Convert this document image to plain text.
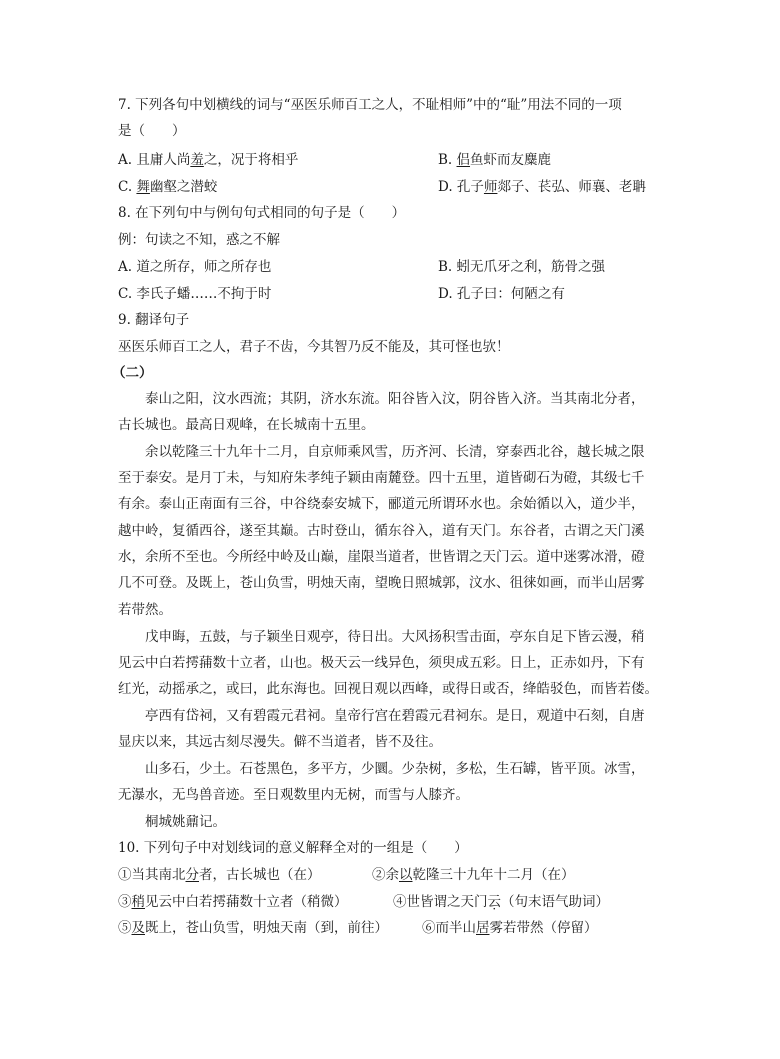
7. 下列各句中划横线的词与“巫医乐师百工之人，不耻相师”中的“耻”用法不同的一项
是（　　）
A. 且庸人尚羞之，况于将相乎	B. 侣鱼虾而友麋鹿
C. 舞幽壑之潜蛟	D. 孔子师郯子、苌弘、师襄、老聃
8. 在下列句中与例句句式相同的句子是（　　）
例：句读之不知，惑之不解
A. 道之所存，师之所存也	B. 蚓无爪牙之利，筋骨之强
C. 李氏子蟠……不拘于时	D. 孔子曰：何陋之有
9. 翻译句子
巫医乐师百工之人，君子不齿，今其智乃反不能及，其可怪也欤！
（二）
泰山之阳，汶水西流；其阴，济水东流。阳谷皆入汶，阴谷皆入济。当其南北分者，
古长城也。最高日观峰，在长城南十五里。
余以乾隆三十九年十二月，自京师乘风雪，历齐河、长清，穿泰西北谷，越长城之限
至于泰安。是月丁未，与知府朱孝纯子颖由南麓登。四十五里，道皆砌石为磴，其级七千
有余。泰山正南面有三谷，中谷绕泰安城下，郦道元所谓环水也。余始循以入，道少半，
越中岭，复循西谷，遂至其巅。古时登山，循东谷入，道有天门。东谷者，古谓之天门溪
水，余所不至也。今所经中岭及山巅，崖限当道者，世皆谓之天门云。道中迷雾冰滑，磴
几不可登。及既上，苍山负雪，明烛天南，望晚日照城郭，汶水、徂徕如画，而半山居雾
若带然。
戊申晦，五鼓，与子颖坐日观亭，待日出。大风扬积雪击面，亭东自足下皆云漫，稍
见云中白若摴蒱数十立者，山也。极天云一线异色，须臾成五彩。日上，正赤如丹，下有
红光，动摇承之，或曰，此东海也。回视日观以西峰，或得日或否，绛皓驳色，而皆若偻。
亭西有岱祠，又有碧霞元君祠。皇帝行宫在碧霞元君祠东。是日，观道中石刻，自唐
显庆以来，其远古刻尽漫失。僻不当道者，皆不及往。
山多石，少土。石苍黑色，多平方，少圜。少杂树，多松，生石罅，皆平顶。冰雪，
无瀑水，无鸟兽音迹。至日观数里内无树，而雪与人膝齐。
桐城姚鼐记。
10. 下列句子中对划线词的意义解释全对的一组是（　　）
①当其南北分者，古长城也（在）	②余以乾隆三十九年十二月（在）
③稍见云中白若摴蒱数十立者（稍微）	④世皆谓之天门云（句末语气助词）
⑤及既上，苍山负雪，明烛天南（到，前往）	⑥而半山居雾若带然（停留）
